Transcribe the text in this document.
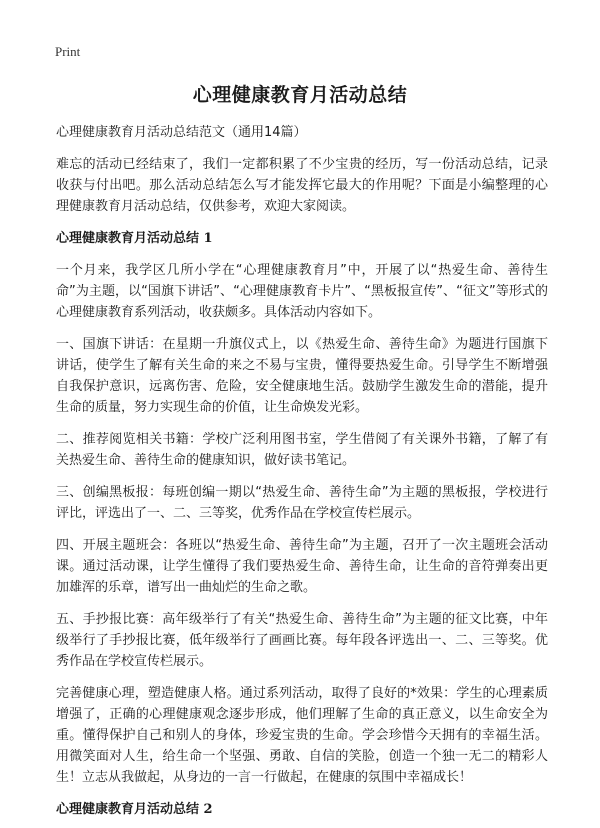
Print
心理健康教育月活动总结

心理健康教育月活动总结范文（通用14篇）

难忘的活动已经结束了，我们一定都积累了不少宝贵的经历，写一份活动总结，记录收获与付出吧。那么活动总结怎么写才能发挥它最大的作用呢？下面是小编整理的心理健康教育月活动总结，仅供参考，欢迎大家阅读。

心理健康教育月活动总结 1

一个月来，我学区几所小学在“心理健康教育月”中，开展了以“热爱生命、善待生命”为主题，以“国旗下讲话”、“心理健康教育卡片”、“黑板报宣传”、“征文”等形式的心理健康教育系列活动，收获颇多。具体活动内容如下。

一、国旗下讲话：在星期一升旗仪式上，以《热爱生命、善待生命》为题进行国旗下讲话，使学生了解有关生命的来之不易与宝贵，懂得要热爱生命。引导学生不断增强自我保护意识，远离伤害、危险，安全健康地生活。鼓励学生激发生命的潜能，提升生命的质量，努力实现生命的价值，让生命焕发光彩。

二、推荐阅览相关书籍：学校广泛利用图书室，学生借阅了有关课外书籍，了解了有关热爱生命、善待生命的健康知识，做好读书笔记。

三、创编黑板报：每班创编一期以“热爱生命、善待生命”为主题的黑板报，学校进行评比，评选出了一、二、三等奖，优秀作品在学校宣传栏展示。

四、开展主题班会：各班以“热爱生命、善待生命”为主题，召开了一次主题班会活动课。通过活动课，让学生懂得了我们要热爱生命、善待生命，让生命的音符弹奏出更加雄浑的乐章，谱写出一曲灿烂的生命之歌。

五、手抄报比赛：高年级举行了有关“热爱生命、善待生命”为主题的征文比赛，中年级举行了手抄报比赛，低年级举行了画画比赛。每年段各评选出一、二、三等奖。优秀作品在学校宣传栏展示。

完善健康心理，塑造健康人格。通过系列活动，取得了良好的*效果：学生的心理素质增强了，正确的心理健康观念逐步形成，他们理解了生命的真正意义，以生命安全为重。懂得保护自己和别人的身体，珍爱宝贵的生命。学会珍惜今天拥有的幸福生活。用微笑面对人生，给生命一个坚强、勇敢、自信的笑脸，创造一个独一无二的精彩人生！立志从我做起，从身边的一言一行做起，在健康的氛围中幸福成长！

心理健康教育月活动总结 2
